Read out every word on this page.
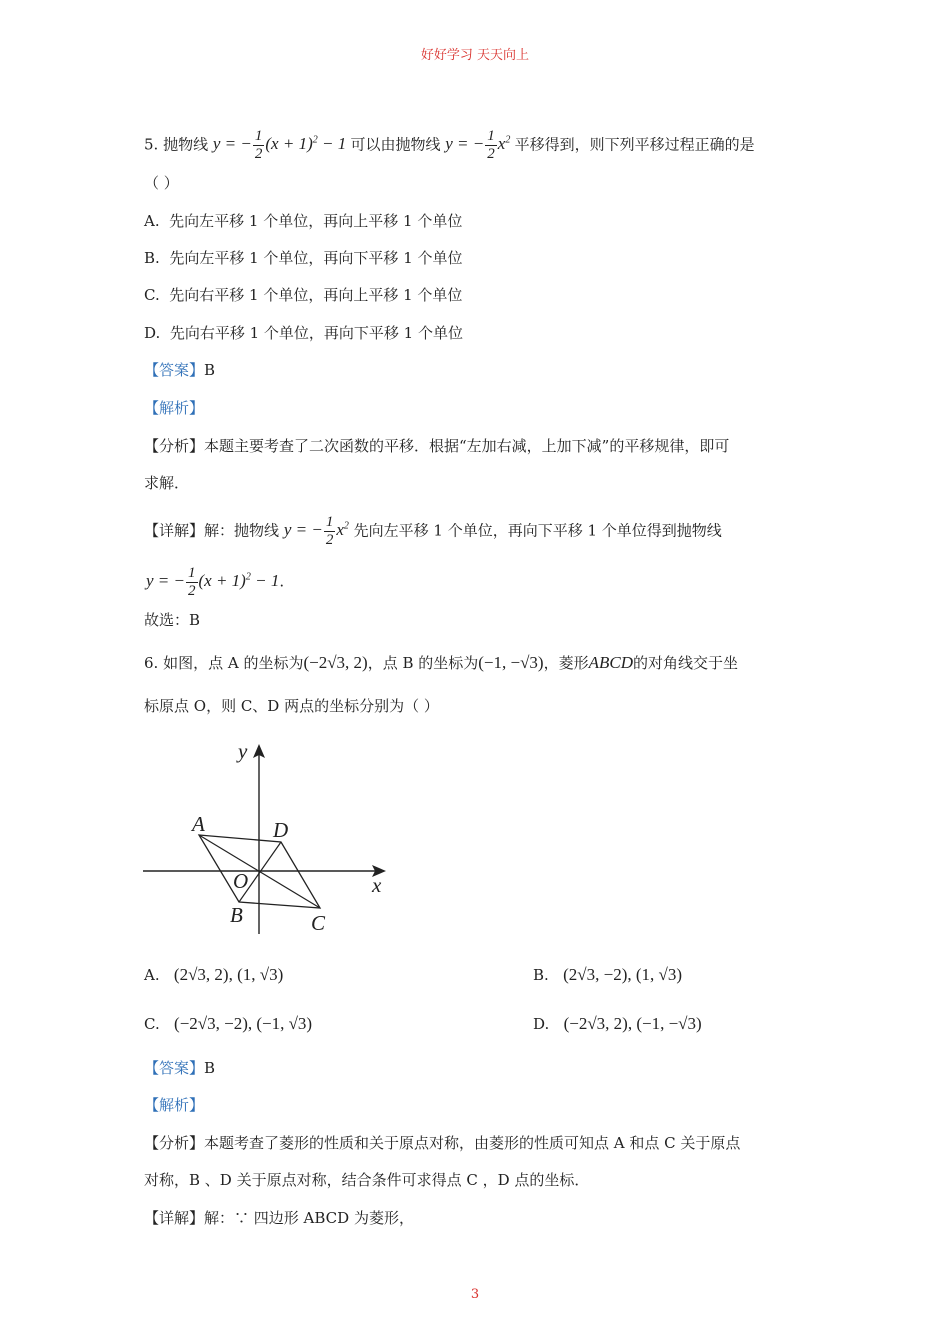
好好学习 天天向上
5. 抛物线 y = − $\frac{1}{2} (x + 1)^2 - 1$ 可以由抛物线 y = − $\frac{1}{2} x^2$ 平移得到，则下列平移过程正确的是
（ ）
A. 先向左平移 1 个单位，再向上平移 1 个单位
B. 先向左平移 1 个单位，再向下平移 1 个单位
C. 先向右平移 1 个单位，再向上平移 1 个单位
D. 先向右平移 1 个单位，再向下平移 1 个单位
【答案】B
【解析】
【分析】本题主要考查了二次函数的平移．根据“左加右减，上加下减”的平移规律，即可
求解．
【详解】解：抛物线 y = − $\frac{1}{2} x^2$ 先向左平移 1 个单位，再向下平移 1 个单位得到抛物线
y = − $\frac{1}{2} (x + 1)^2 - 1$.
故选：B
6. 如图，点 A 的坐标为(−2√3, 2)，点 B 的坐标为(−1, −√3)，菱形ABCD的对角线交于坐
标原点 O，则 C、D 两点的坐标分别为（ ）
y
x
A	D
O
B	C
A. (2√3, 2), (1, √3)	B. (2√3, −2), (1, √3)
C. (−2√3, −2), (−1, √3)	D. (−2√3, 2), (−1, −√3)
【答案】B
【解析】
【分析】本题考查了菱形的性质和关于原点对称，由菱形的性质可知点 A 和点 C 关于原点
对称，B 、D 关于原点对称，结合条件可求得点 C ，D 点的坐标．
【详解】解：∵ 四边形 ABCD 为菱形，
3
